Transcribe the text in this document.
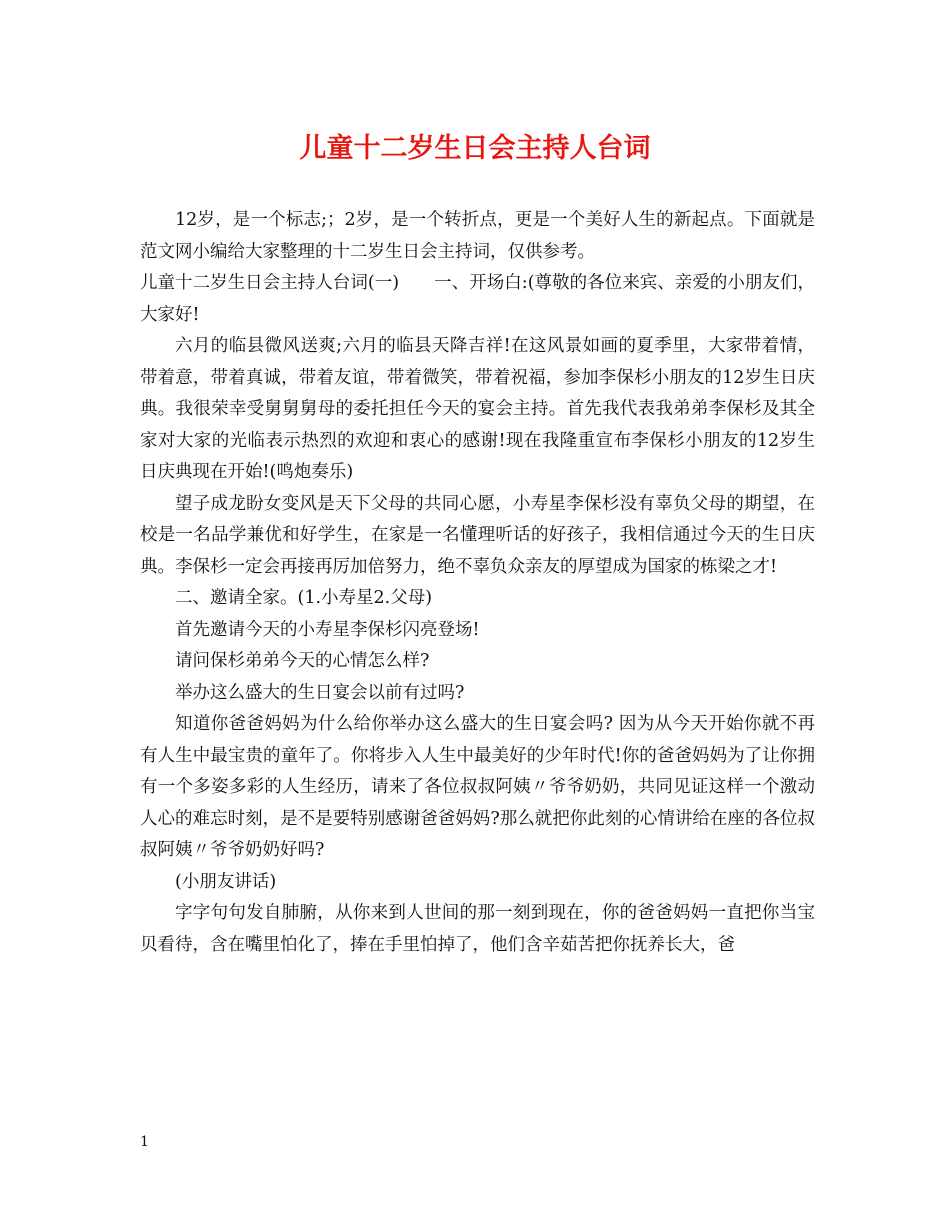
儿童十二岁生日会主持人台词

12岁，是一个标志;；2岁，是一个转折点，更是一个美好人生的新起点。下面就是范文网小编给大家整理的十二岁生日会主持词，仅供参考。

儿童十二岁生日会主持人台词(一)　　一、开场白:(尊敬的各位来宾、亲爱的小朋友们，大家好!

六月的临县微风送爽;六月的临县天降吉祥!在这风景如画的夏季里，大家带着情，带着意，带着真诚，带着友谊，带着微笑，带着祝福，参加李保杉小朋友的12岁生日庆典。我很荣幸受舅舅舅母的委托担任今天的宴会主持。首先我代表我弟弟李保杉及其全家对大家的光临表示热烈的欢迎和衷心的感谢!现在我隆重宣布李保杉小朋友的12岁生日庆典现在开始!(鸣炮奏乐)

望子成龙盼女变风是天下父母的共同心愿，小寿星李保杉没有辜负父母的期望，在校是一名品学兼优和好学生，在家是一名懂理听话的好孩子，我相信通过今天的生日庆典。李保杉一定会再接再厉加倍努力，绝不辜负众亲友的厚望成为国家的栋梁之才!

二、邀请全家。(1.小寿星2.父母)

首先邀请今天的小寿星李保杉闪亮登场!

请问保杉弟弟今天的心情怎么样?

举办这么盛大的生日宴会以前有过吗?

知道你爸爸妈妈为什么给你举办这么盛大的生日宴会吗? 因为从今天开始你就不再有人生中最宝贵的童年了。你将步入人生中最美好的少年时代!你的爸爸妈妈为了让你拥有一个多姿多彩的人生经历，请来了各位叔叔阿姨〃爷爷奶奶，共同见证这样一个激动人心的难忘时刻，是不是要特别感谢爸爸妈妈?那么就把你此刻的心情讲给在座的各位叔叔阿姨〃爷爷奶奶好吗?

(小朋友讲话)

字字句句发自肺腑，从你来到人世间的那一刻到现在，你的爸爸妈妈一直把你当宝贝看待，含在嘴里怕化了，捧在手里怕掉了，他们含辛茹苦把你抚养长大，爸

1
